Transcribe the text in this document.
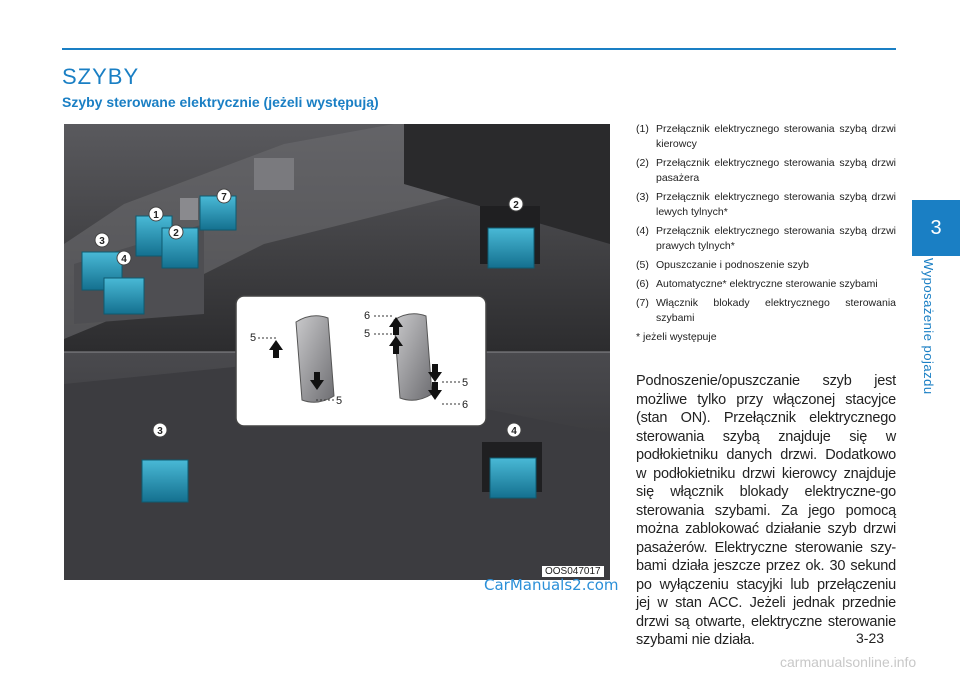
SZYBY
Szyby sterowane elektrycznie (jeżeli występują)
3
Wyposażenie pojazdu
1
2
3
4
7
2
3	4
5
5
6
5
5
6
OOS047017
CarManuals2.com
(1) Przełącznik elektrycznego sterowania szybą drzwi kierowcy
(2) Przełącznik elektrycznego sterowania szybą drzwi pasażera
(3) Przełącznik elektrycznego sterowania szybą drzwi lewych tylnych*
(4) Przełącznik elektrycznego sterowania szybą drzwi prawych tylnych*
(5) Opuszczanie i podnoszenie szyb
(6) Automatyczne* elektryczne sterowanie szybami
(7) Włącznik blokady elektrycznego sterowania szybami
* jeżeli występuje
Podnoszenie/opuszczanie szyb jest możliwe tylko przy włączonej stacyjce (stan ON). Przełącznik elektrycznego sterowania szybą znajduje się w podłokietniku danych drzwi. Dodatkowo w podłokietniku drzwi kierowcy znajduje się włącznik blokady elektryczne-go sterowania szybami. Za jego pomocą można zablokować działanie szyb drzwi pasażerów. Elektryczne sterowanie szy-bami działa jeszcze przez ok. 30 sekund po wyłączeniu stacyjki lub przełączeniu jej w stan ACC. Jeżeli jednak przednie drzwi są otwarte, elektryczne sterowanie szybami nie działa.	3-23
carmanualsonline.info
